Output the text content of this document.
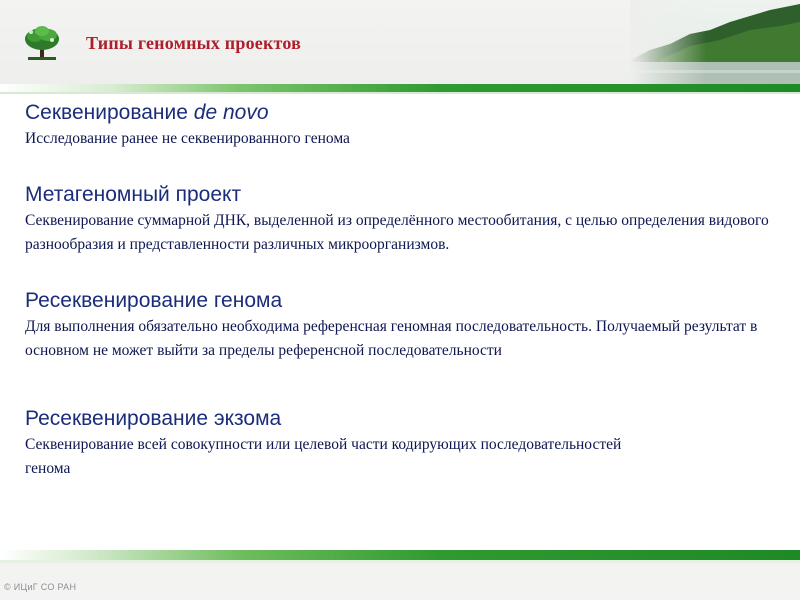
Типы геномных проектов
Секвенирование de novo
Исследование ранее не секвенированного генома
Метагеномный проект
Секвенирование суммарной ДНК, выделенной из определённого местообитания, с целью определения видового разнообразия и представленности различных микроорганизмов.
Ресеквенирование генома
Для выполнения обязательно необходима референсная геномная последовательность. Получаемый результат в основном не может выйти за пределы референсной последовательности
Ресеквенирование экзома
Секвенирование всей совокупности или целевой части кодирующих последовательностей генома
© ИЦиГ СО РАН
